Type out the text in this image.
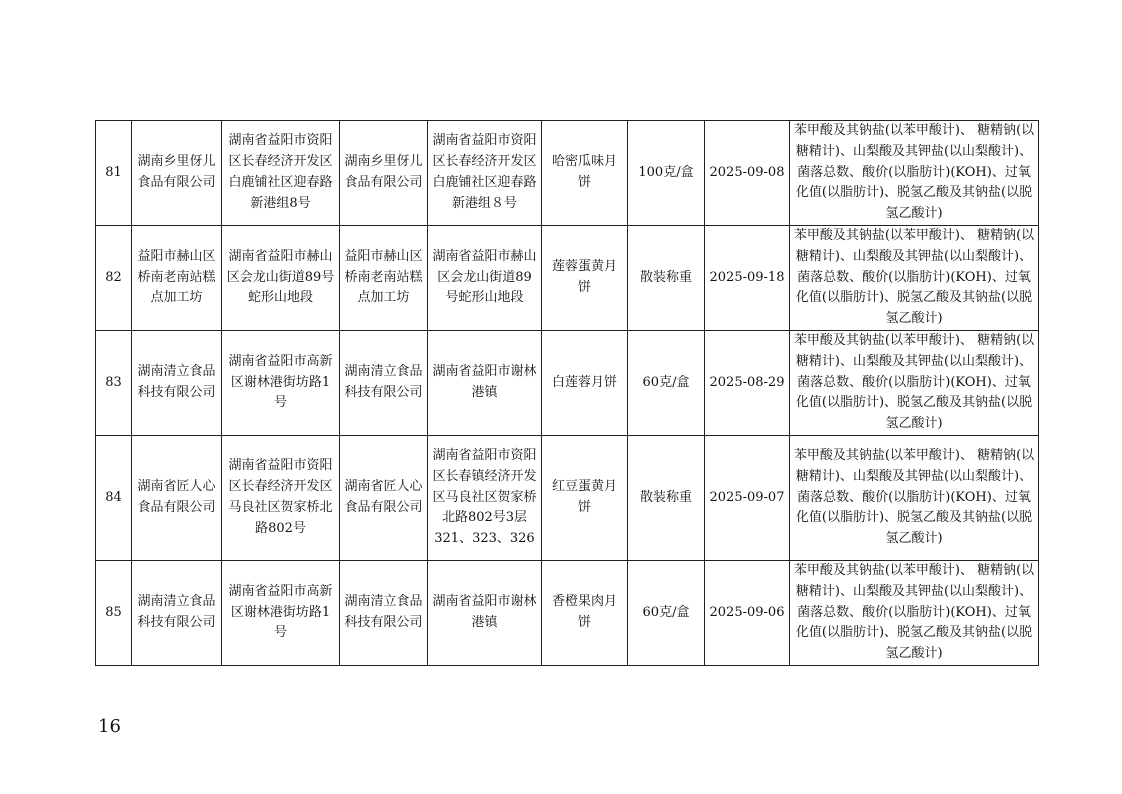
81	湖南乡里伢儿食品有限公司	湖南省益阳市资阳区长春经济开发区白鹿铺社区迎春路新港组8号	湖南乡里伢儿食品有限公司	湖南省益阳市资阳区长春经济开发区白鹿铺社区迎春路新港组８号	哈密瓜味月饼	100克/盒	2025-09-08	苯甲酸及其钠盐(以苯甲酸计)、 糖精钠(以糖精计)、山梨酸及其钾盐(以山梨酸计)、菌落总数、酸价(以脂肪计)(KOH)、过氧化值(以脂肪计)、脱氢乙酸及其钠盐(以脱氢乙酸计)
82	益阳市赫山区桥南老南站糕点加工坊	湖南省益阳市赫山区会龙山街道89号蛇形山地段	益阳市赫山区桥南老南站糕点加工坊	湖南省益阳市赫山区会龙山街道89号蛇形山地段	莲蓉蛋黄月饼	散装称重	2025-09-18	苯甲酸及其钠盐(以苯甲酸计)、 糖精钠(以糖精计)、山梨酸及其钾盐(以山梨酸计)、菌落总数、酸价(以脂肪计)(KOH)、过氧化值(以脂肪计)、脱氢乙酸及其钠盐(以脱氢乙酸计)
83	湖南清立食品科技有限公司	湖南省益阳市高新区谢林港街坊路1号	湖南清立食品科技有限公司	湖南省益阳市谢林港镇	白莲蓉月饼	60克/盒	2025-08-29	苯甲酸及其钠盐(以苯甲酸计)、 糖精钠(以糖精计)、山梨酸及其钾盐(以山梨酸计)、菌落总数、酸价(以脂肪计)(KOH)、过氧化值(以脂肪计)、脱氢乙酸及其钠盐(以脱氢乙酸计)
84	湖南省匠人心食品有限公司	湖南省益阳市资阳区长春经济开发区马良社区贺家桥北路802号	湖南省匠人心食品有限公司	湖南省益阳市资阳区长春镇经济开发区马良社区贺家桥北路802号3层321、323、326	红豆蛋黄月饼	散装称重	2025-09-07	苯甲酸及其钠盐(以苯甲酸计)、 糖精钠(以糖精计)、山梨酸及其钾盐(以山梨酸计)、菌落总数、酸价(以脂肪计)(KOH)、过氧化值(以脂肪计)、脱氢乙酸及其钠盐(以脱氢乙酸计)
85	湖南清立食品科技有限公司	湖南省益阳市高新区谢林港街坊路1号	湖南清立食品科技有限公司	湖南省益阳市谢林港镇	香橙果肉月饼	60克/盒	2025-09-06	苯甲酸及其钠盐(以苯甲酸计)、 糖精钠(以糖精计)、山梨酸及其钾盐(以山梨酸计)、菌落总数、酸价(以脂肪计)(KOH)、过氧化值(以脂肪计)、脱氢乙酸及其钠盐(以脱氢乙酸计)
16
